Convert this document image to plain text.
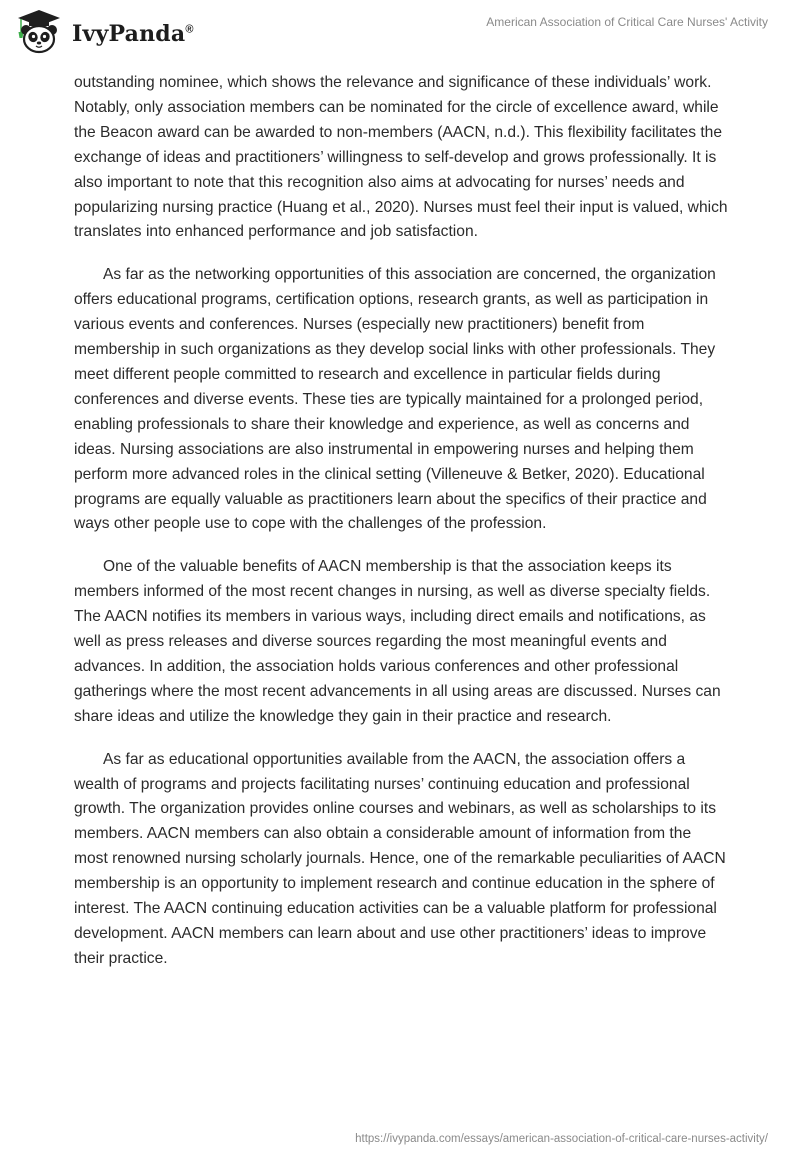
IvyPanda®
American Association of Critical Care Nurses' Activity

outstanding nominee, which shows the relevance and significance of these individuals’ work. Notably, only association members can be nominated for the circle of excellence award, while the Beacon award can be awarded to non-members (AACN, n.d.). This flexibility facilitates the exchange of ideas and practitioners’ willingness to self-develop and grows professionally. It is also important to note that this recognition also aims at advocating for nurses’ needs and popularizing nursing practice (Huang et al., 2020). Nurses must feel their input is valued, which translates into enhanced performance and job satisfaction.

As far as the networking opportunities of this association are concerned, the organization offers educational programs, certification options, research grants, as well as participation in various events and conferences. Nurses (especially new practitioners) benefit from membership in such organizations as they develop social links with other professionals. They meet different people committed to research and excellence in particular fields during conferences and diverse events. These ties are typically maintained for a prolonged period, enabling professionals to share their knowledge and experience, as well as concerns and ideas. Nursing associations are also instrumental in empowering nurses and helping them perform more advanced roles in the clinical setting (Villeneuve & Betker, 2020). Educational programs are equally valuable as practitioners learn about the specifics of their practice and ways other people use to cope with the challenges of the profession.

One of the valuable benefits of AACN membership is that the association keeps its members informed of the most recent changes in nursing, as well as diverse specialty fields. The AACN notifies its members in various ways, including direct emails and notifications, as well as press releases and diverse sources regarding the most meaningful events and advances. In addition, the association holds various conferences and other professional gatherings where the most recent advancements in all using areas are discussed. Nurses can share ideas and utilize the knowledge they gain in their practice and research.

As far as educational opportunities available from the AACN, the association offers a wealth of programs and projects facilitating nurses’ continuing education and professional growth. The organization provides online courses and webinars, as well as scholarships to its members. AACN members can also obtain a considerable amount of information from the most renowned nursing scholarly journals. Hence, one of the remarkable peculiarities of AACN membership is an opportunity to implement research and continue education in the sphere of interest. The AACN continuing education activities can be a valuable platform for professional development. AACN members can learn about and use other practitioners’ ideas to improve their practice.

https://ivypanda.com/essays/american-association-of-critical-care-nurses-activity/
